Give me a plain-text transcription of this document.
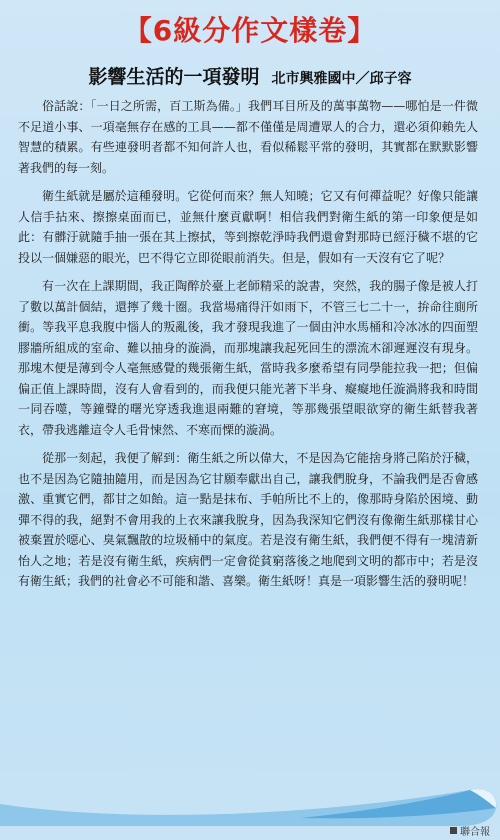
【6級分作文樣卷】
影響生活的一項發明 北市興雅國中／邱子容

俗話說：「一日之所需，百工斯為備。」我們耳目所及的萬事萬物——哪怕是一件微不足道小事、一項毫無存在感的工具——都不僅僅是周遭眾人的合力，還必須仰賴先人智慧的積累。有些連發明者都不知何許人也，看似稀鬆平常的發明，其實都在默默影響著我們的每一刻。

衛生紙就是屬於這種發明。它從何而來？無人知曉；它又有何禪益呢？好像只能讓人信手拈來、擦擦桌面而已，並無什麼貢獻啊！相信我們對衛生紙的第一印象便是如此：有髒汙就隨手抽一張在其上擦拭，等到擦乾淨時我們還會對那時已經汙穢不堪的它投以一個嫌惡的眼光，巴不得它立即從眼前消失。但是，假如有一天沒有它了呢？

有一次在上課期間，我正陶醉於臺上老師精采的說書，突然，我的腸子像是被人打了數以萬計個結，還擰了幾十圈。我當場痛得汗如雨下，不管三七二十一，拚命往廁所衝。等我平息我腹中惱人的叛亂後，我才發現我進了一個由沖水馬桶和冷冰冰的四面塑膠牆所組成的室命、難以抽身的漩渦，而那塊讓我起死回生的漂流木卻遲遲沒有現身。那塊木便是薄到令人毫無感覺的幾張衛生紙，當時我多麼希望有同學能拉我一把；但偏偏正值上課時間，沒有人會看到的，而我便只能光著下半身、癡癡地任漩渦將我和時間一同吞噬，等鐘聲的曙光穿透我進退兩難的窘境，等那幾張望眼欲穿的衛生紙替我著衣，帶我逃離這令人毛骨悚然、不寒而慄的漩渦。

從那一刻起，我便了解到：衛生紙之所以偉大，不是因為它能捨身將己陷於汙穢，也不是因為它隨抽隨用，而是因為它甘願奉獻出自己，讓我們脫身，不論我們是否會感激、重實它們，都甘之如飴。這一點是抹布、手帕所比不上的，像那時身陷於困境、動彈不得的我，絕對不會用我的上衣來讓我脫身，因為我深知它們沒有像衛生紙那樣甘心被棄置於噁心、臭氣飄散的垃圾桶中的氣度。若是沒有衛生紙，我們便不得有一塊清新怡人之地；若是沒有衛生紙，疾病們一定會從貧窮落後之地爬到文明的都市中；若是沒有衛生紙；我們的社會必不可能和諧、喜樂。衛生紙呀！真是一項影響生活的發明呢！

聯合報
